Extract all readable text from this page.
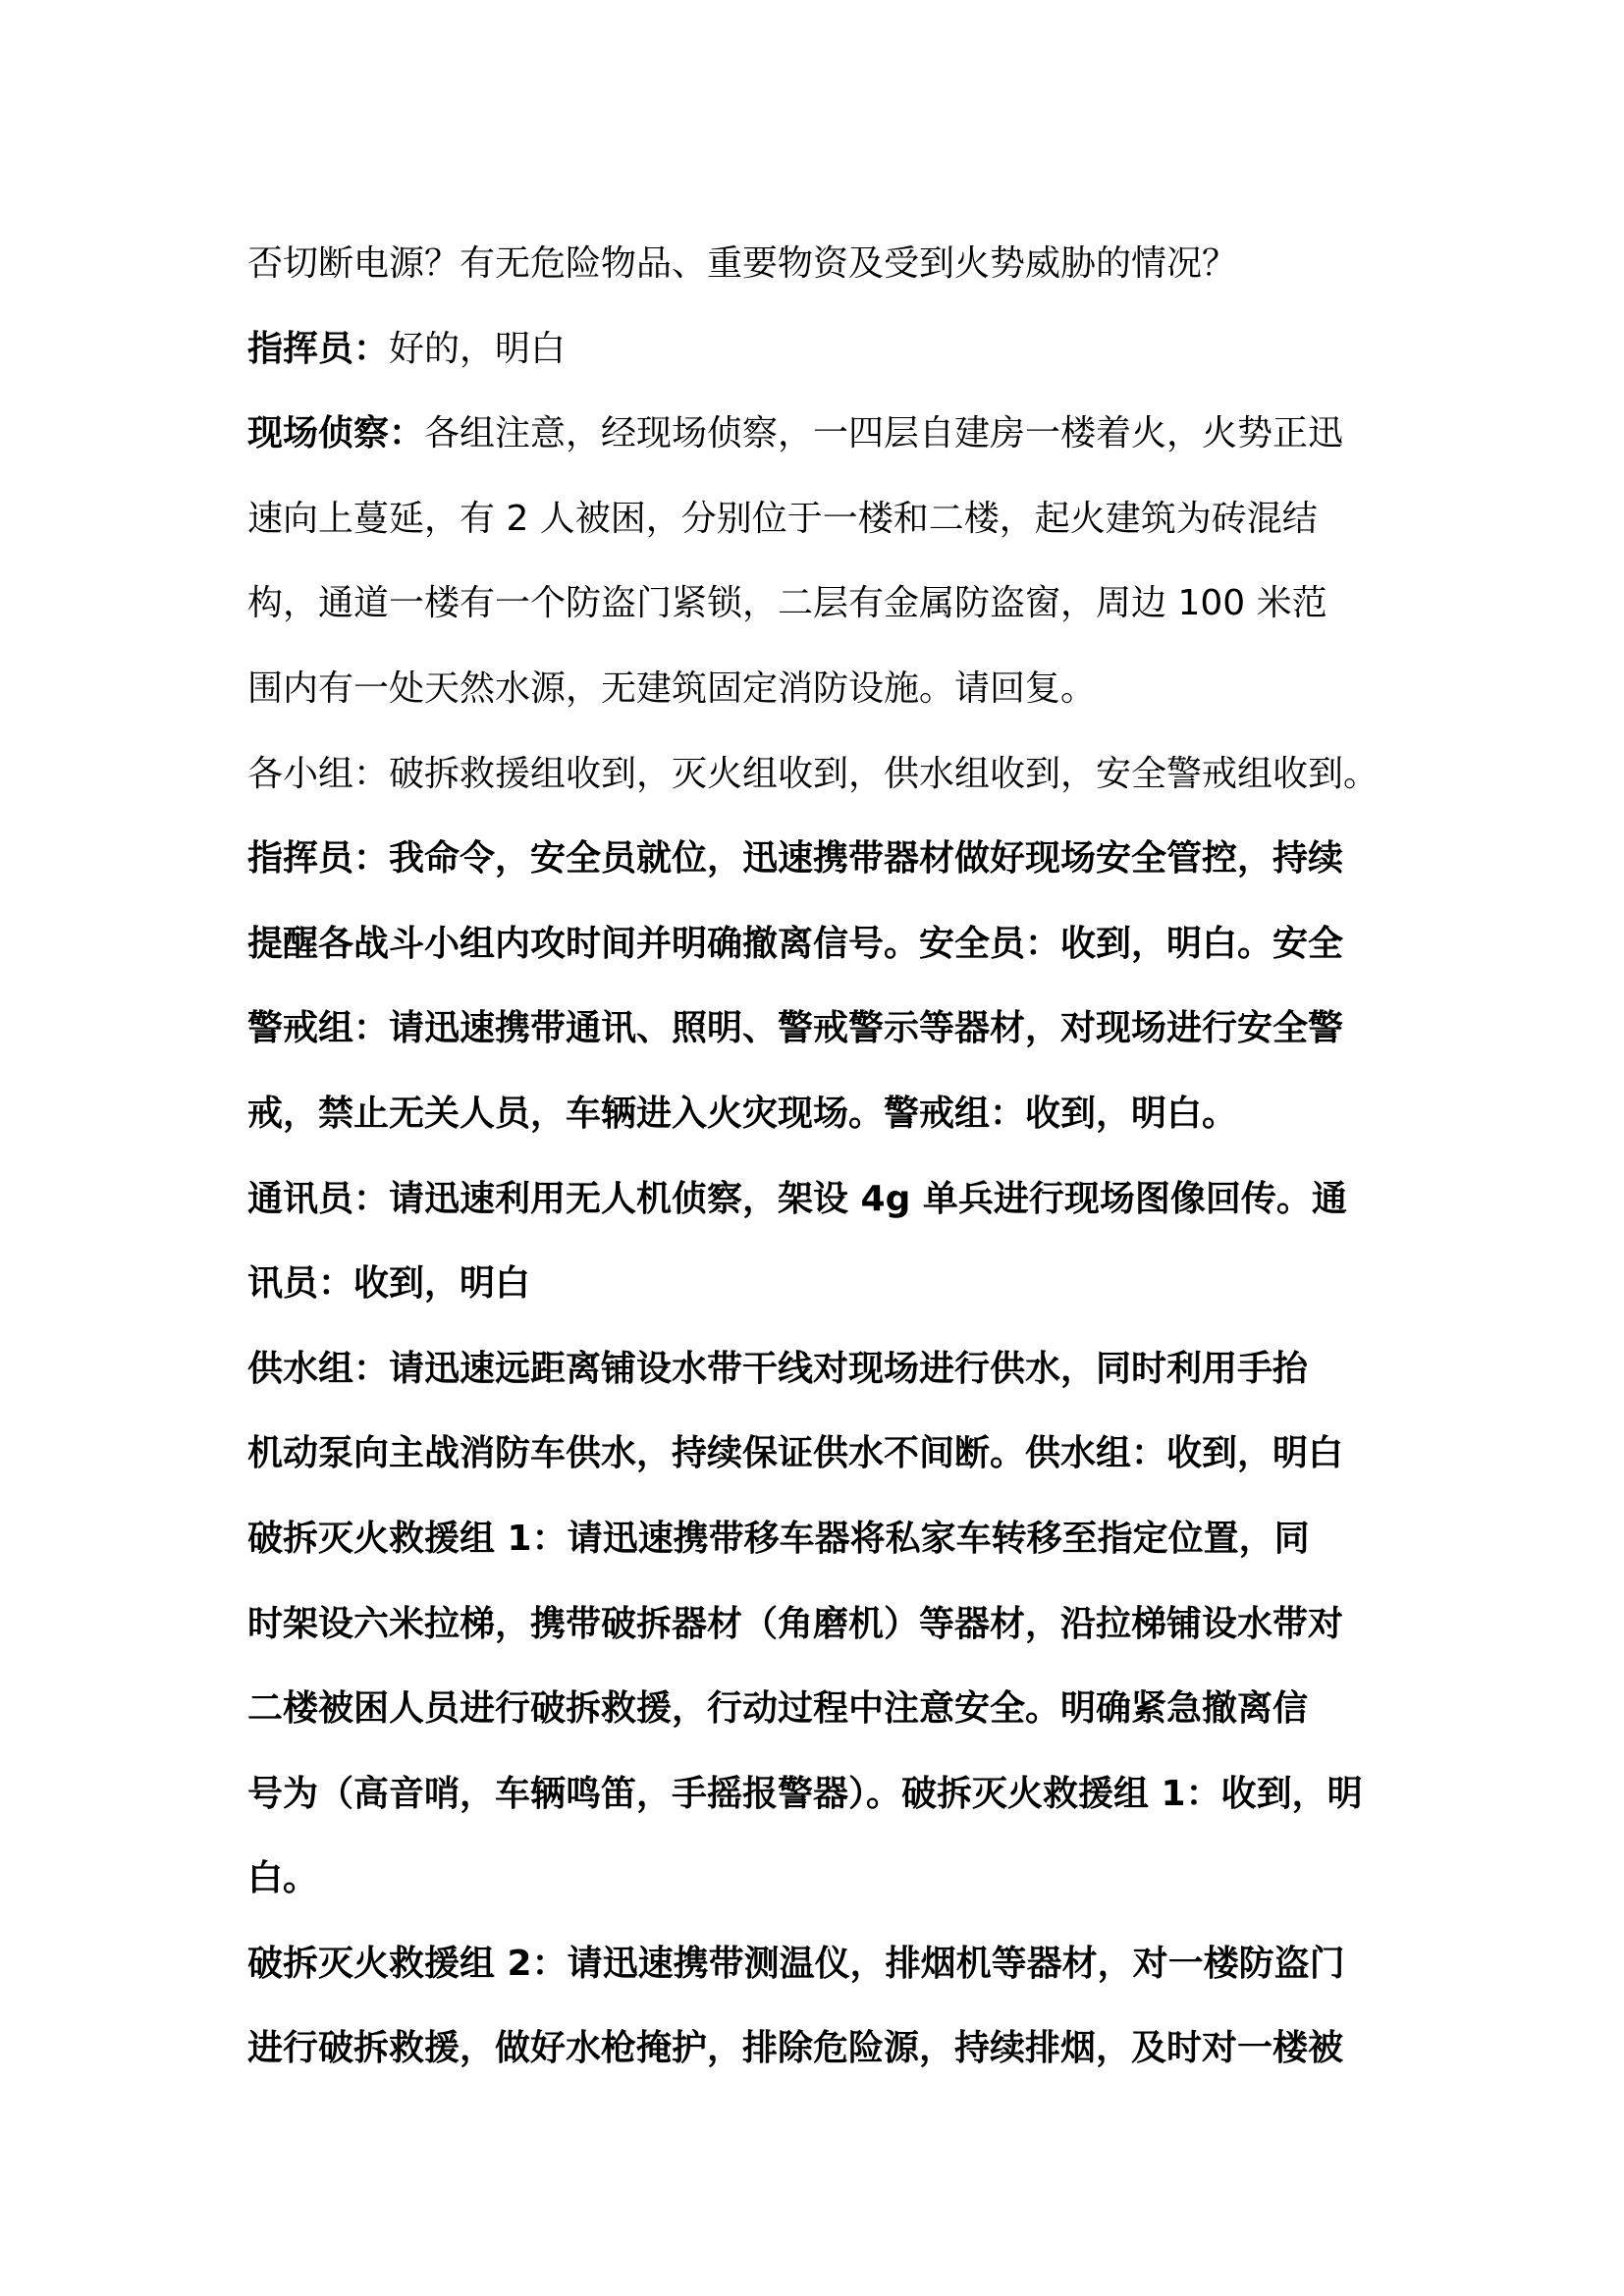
否切断电源？有无危险物品、重要物资及受到火势威胁的情况？
指挥员：好的，明白
现场侦察：各组注意，经现场侦察，一四层自建房一楼着火，火势正迅
速向上蔓延，有 2 人被困，分别位于一楼和二楼，起火建筑为砖混结
构，通道一楼有一个防盗门紧锁，二层有金属防盗窗，周边 100 米范
围内有一处天然水源，无建筑固定消防设施。请回复。
各小组：破拆救援组收到，灭火组收到，供水组收到，安全警戒组收到。
指挥员：我命令，安全员就位，迅速携带器材做好现场安全管控，持续
提醒各战斗小组内攻时间并明确撤离信号。安全员：收到，明白。安全
警戒组：请迅速携带通讯、照明、警戒警示等器材，对现场进行安全警
戒，禁止无关人员，车辆进入火灾现场。警戒组：收到，明白。
通讯员：请迅速利用无人机侦察，架设 4g 单兵进行现场图像回传。通
讯员：收到，明白
供水组：请迅速远距离铺设水带干线对现场进行供水，同时利用手抬
机动泵向主战消防车供水，持续保证供水不间断。供水组：收到，明白
破拆灭火救援组 1：请迅速携带移车器将私家车转移至指定位置，同
时架设六米拉梯，携带破拆器材（角磨机）等器材，沿拉梯铺设水带对
二楼被困人员进行破拆救援，行动过程中注意安全。明确紧急撤离信
号为（高音哨，车辆鸣笛，手摇报警器）。破拆灭火救援组 1：收到，明
白。
破拆灭火救援组 2：请迅速携带测温仪，排烟机等器材，对一楼防盗门
进行破拆救援，做好水枪掩护，排除危险源，持续排烟，及时对一楼被
